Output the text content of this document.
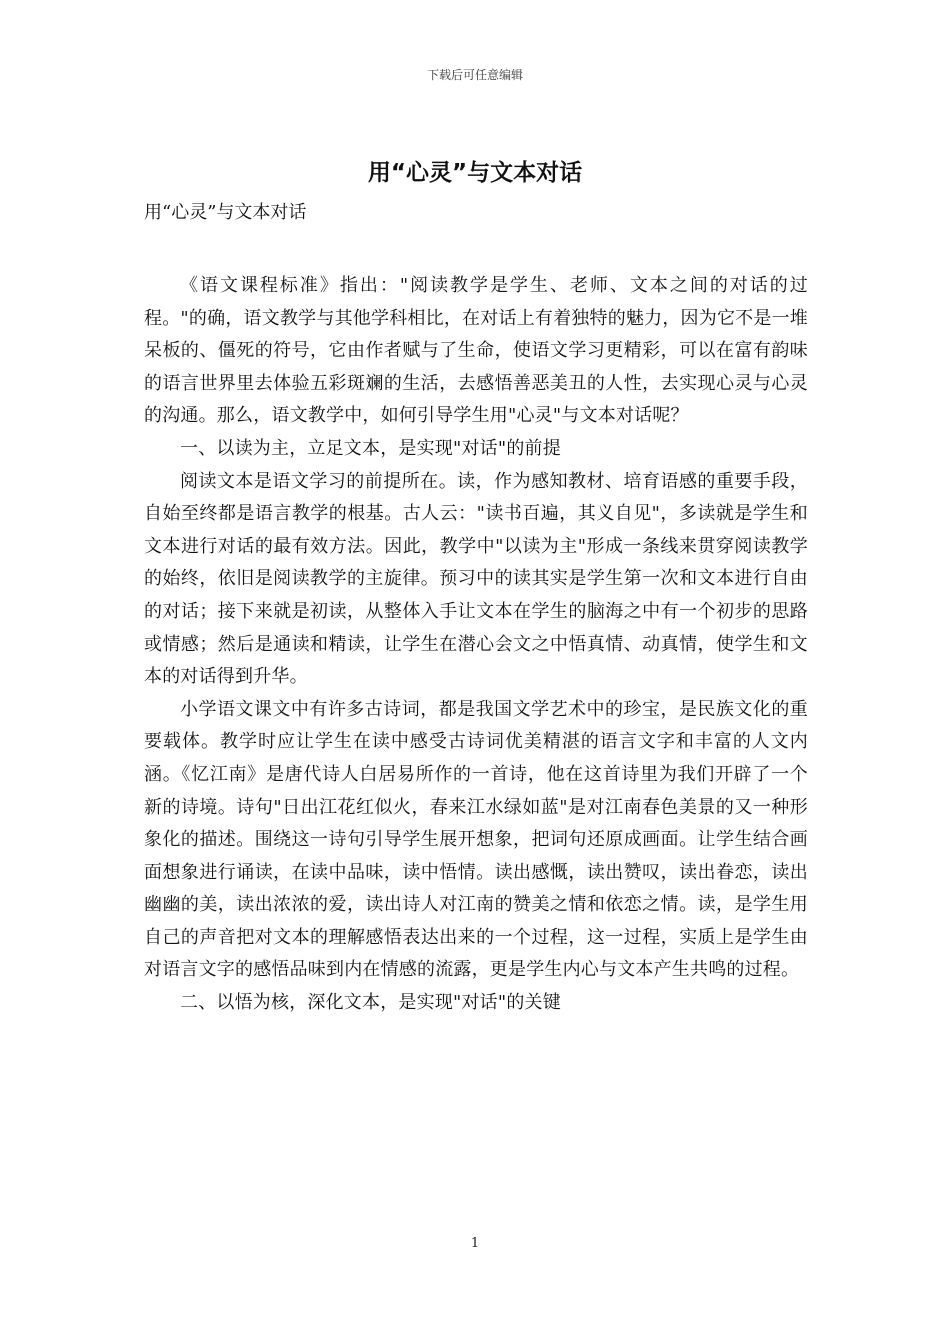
下载后可任意编辑
用“心灵”与文本对话

用“心灵”与文本对话

《语文课程标准》指出："阅读教学是学生、老师、文本之间的对话的过程。"的确，语文教学与其他学科相比，在对话上有着独特的魅力，因为它不是一堆呆板的、僵死的符号，它由作者赋与了生命，使语文学习更精彩，可以在富有韵味的语言世界里去体验五彩斑斓的生活，去感悟善恶美丑的人性，去实现心灵与心灵的沟通。那么，语文教学中，如何引导学生用"心灵"与文本对话呢？

一、以读为主，立足文本，是实现"对话"的前提

阅读文本是语文学习的前提所在。读，作为感知教材、培育语感的重要手段，自始至终都是语言教学的根基。古人云："读书百遍，其义自见"，多读就是学生和文本进行对话的最有效方法。因此，教学中"以读为主"形成一条线来贯穿阅读教学的始终，依旧是阅读教学的主旋律。预习中的读其实是学生第一次和文本进行自由的对话；接下来就是初读，从整体入手让文本在学生的脑海之中有一个初步的思路或情感；然后是通读和精读，让学生在潜心会文之中悟真情、动真情，使学生和文本的对话得到升华。

小学语文课文中有许多古诗词，都是我国文学艺术中的珍宝，是民族文化的重要载体。教学时应让学生在读中感受古诗词优美精湛的语言文字和丰富的人文内涵。《忆江南》是唐代诗人白居易所作的一首诗，他在这首诗里为我们开辟了一个新的诗境。诗句"日出江花红似火，春来江水绿如蓝"是对江南春色美景的又一种形象化的描述。围绕这一诗句引导学生展开想象，把词句还原成画面。让学生结合画面想象进行诵读，在读中品味，读中悟情。读出感慨，读出赞叹，读出眷恋，读出幽幽的美，读出浓浓的爱，读出诗人对江南的赞美之情和依恋之情。读，是学生用自己的声音把对文本的理解感悟表达出来的一个过程，这一过程，实质上是学生由对语言文字的感悟品味到内在情感的流露，更是学生内心与文本产生共鸣的过程。

二、以悟为核，深化文本，是实现"对话"的关键

1
